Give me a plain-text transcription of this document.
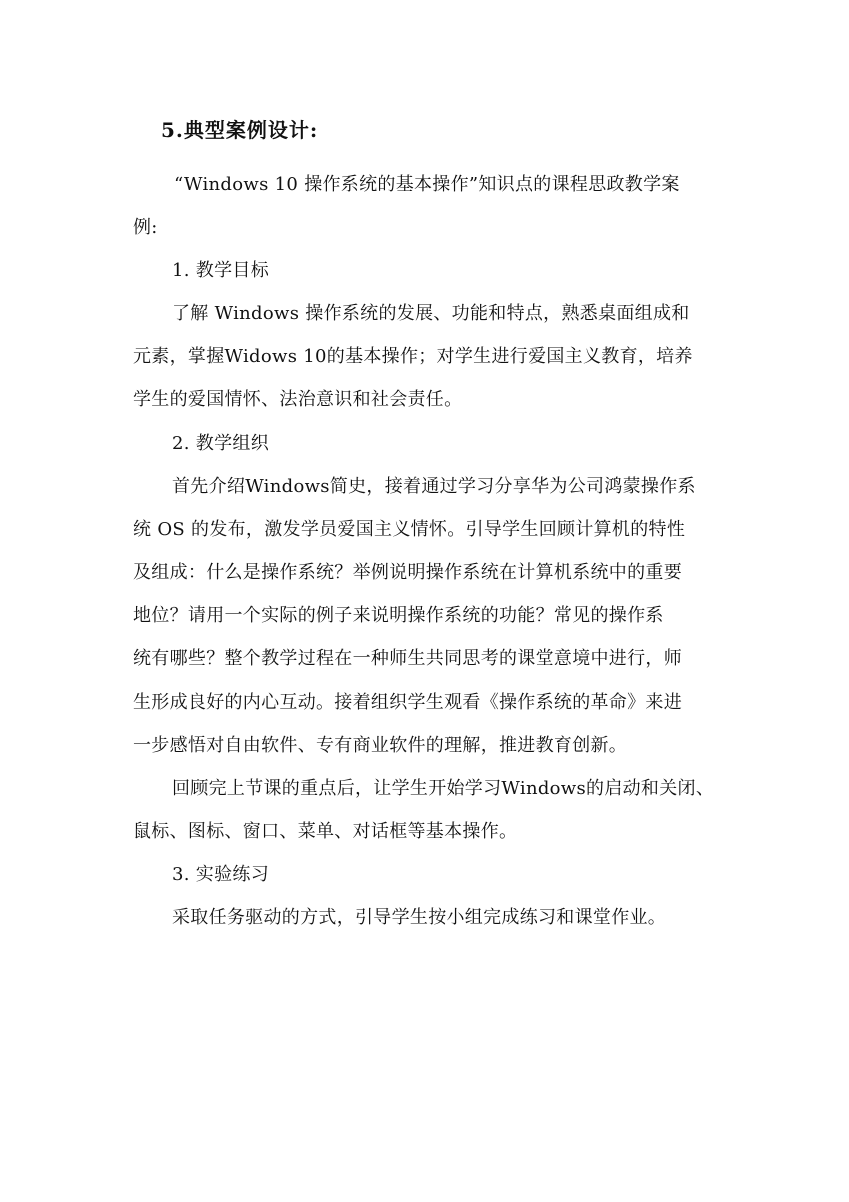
5.典型案例设计:

“Windows 10 操作系统的基本操作”知识点的课程思政教学案

例:

1. 教学目标

了解 Windows 操作系统的发展、功能和特点，熟悉桌面组成和

元素，掌握Widows 10的基本操作；对学生进行爱国主义教育，培养

学生的爱国情怀、法治意识和社会责任。

2. 教学组织

首先介绍Windows简史，接着通过学习分享华为公司鸿蒙操作系

统 OS 的发布，激发学员爱国主义情怀。引导学生回顾计算机的特性

及组成：什么是操作系统？举例说明操作系统在计算机系统中的重要

地位？请用一个实际的例子来说明操作系统的功能？常见的操作系

统有哪些？整个教学过程在一种师生共同思考的课堂意境中进行，师

生形成良好的内心互动。接着组织学生观看《操作系统的革命》来进

一步感悟对自由软件、专有商业软件的理解，推进教育创新。

回顾完上节课的重点后，让学生开始学习Windows的启动和关闭、

鼠标、图标、窗口、菜单、对话框等基本操作。

3. 实验练习

采取任务驱动的方式，引导学生按小组完成练习和课堂作业。
